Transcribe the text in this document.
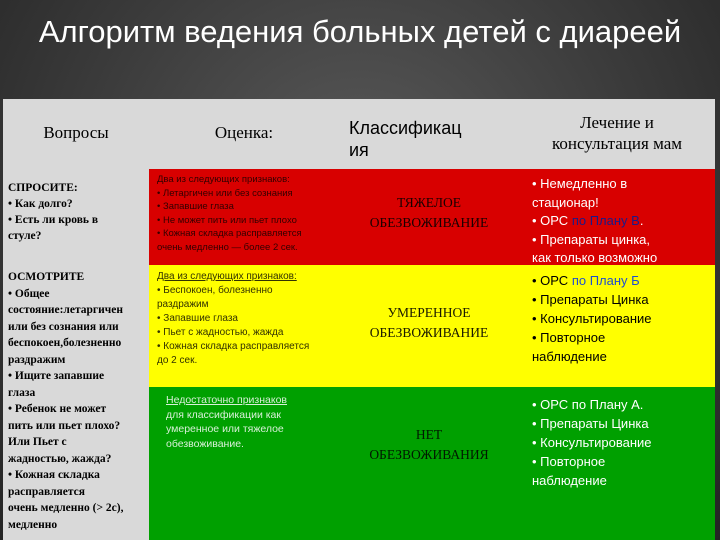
Алгоритм ведения больных детей с диареей
Вопросы	Оценка:	Классификац
ия
Лечение и
консультация мам
СПРОСИТЕ:
• Как долго?
• Есть ли кровь в
стуле?
ОСМОТРИТЕ
• Общее
состояние:летаргичен
или без сознания или
беспокоен,болезненно
раздражим
• Ищите запавшие
глаза
• Ребенок не может
пить или пьет плохо?
Или Пьет с
жадностью, жажда?
• Кожная складка
расправляется
очень медленно (> 2с),
медленно
Два из следующих признаков:
• Летаргичен или без сознания
• Запавшие глаза
• Не может пить или пьет плохо
• Кожная складка расправляется
очень медленно — более 2 сек.
ТЯЖЕЛОЕ
ОБЕЗВОЖИВАНИЕ
• Немедленно в
стационар!
• ОРС по Плану В.
• Препараты цинка,
как только возможно
Два из следующих признаков:
• Беспокоен, болезненно
раздражим
• Запавшие глаза
• Пьет с жадностью, жажда
• Кожная складка расправляется
до 2 сек.
УМЕРЕННОЕ
ОБЕЗВОЖИВАНИЕ
• ОРС по Плану Б
• Препараты Цинка
• Консультирование
• Повторное
наблюдение
Недостаточно признаков
для классификации как
умеренное или тяжелое
обезвоживание.
НЕТ
ОБЕЗВОЖИВАНИЯ
• ОРС по Плану А.
• Препараты Цинка
• Консультирование
• Повторное
наблюдение
